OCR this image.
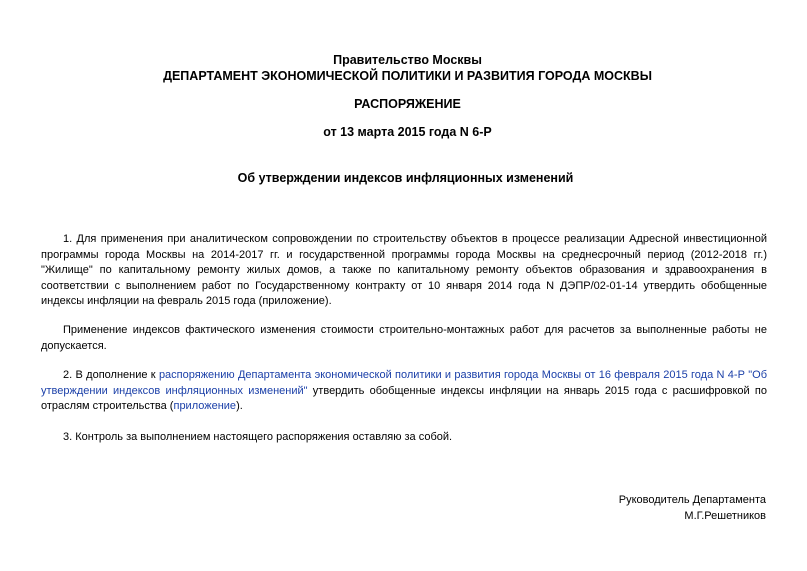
Правительство Москвы
ДЕПАРТАМЕНТ ЭКОНОМИЧЕСКОЙ ПОЛИТИКИ И РАЗВИТИЯ ГОРОДА МОСКВЫ
РАСПОРЯЖЕНИЕ
от 13 марта 2015 года N 6-Р
Об утверждении индексов инфляционных изменений

1. Для применения при аналитическом сопровождении по строительству объектов в процессе реализации Адресной инвестиционной программы города Москвы на 2014-2017 гг. и государственной программы города Москвы на среднесрочный период (2012-2018 гг.) "Жилище" по капитальному ремонту жилых домов, а также по капитальному ремонту объектов образования и здравоохранения в соответствии с выполнением работ по Государственному контракту от 10 января 2014 года N ДЭПР/02-01-14 утвердить обобщенные индексы инфляции на февраль 2015 года (приложение).

Применение индексов фактического изменения стоимости строительно-монтажных работ для расчетов за выполненные работы не допускается.

2. В дополнение к распоряжению Департамента экономической политики и развития города Москвы от 16 февраля 2015 года N 4-Р "Об утверждении индексов инфляционных изменений" утвердить обобщенные индексы инфляции на январь 2015 года с расшифровкой по отраслям строительства (приложение).

3. Контроль за выполнением настоящего распоряжения оставляю за собой.

Руководитель Департамента
М.Г.Решетников
